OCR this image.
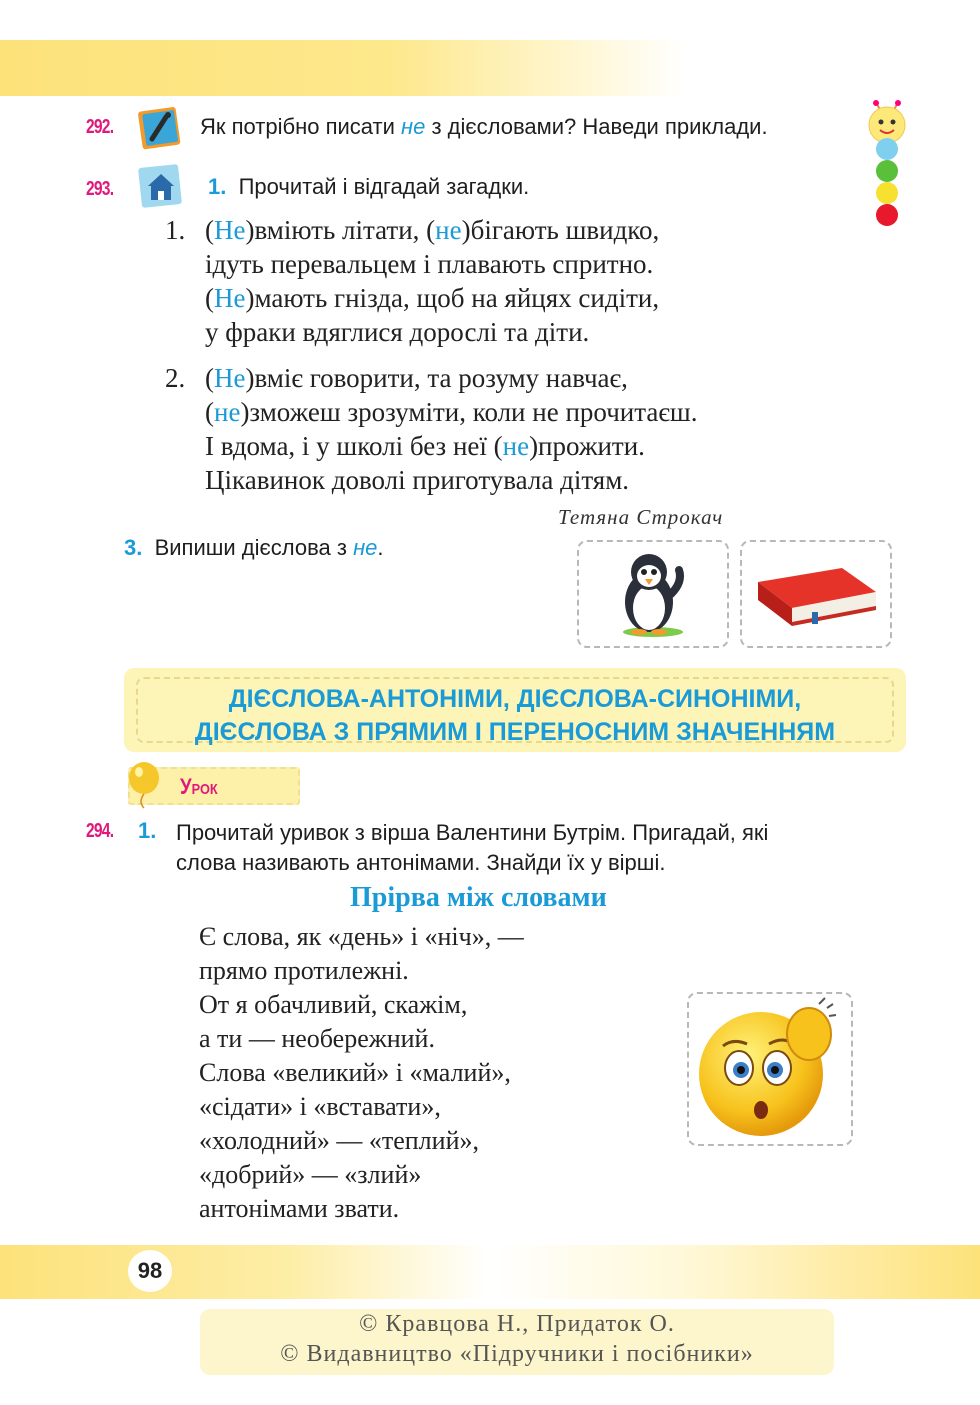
292.	Як потрібно писати не з дієсловами? Наведи приклади.
293.	1. Прочитай і відгадай загадки.
1. (Не)вміють літати, (не)бігають швидко,
ідуть перевальцем і плавають спритно.
(Не)мають гнізда, щоб на яйцях сидіти,
у фраки вдяглися дорослі та діти.
2. (Не)вміє говорити, та розуму навчає,
(не)зможеш зрозуміти, коли не прочитаєш.
І вдома, і у школі без неї (не)прожити.
Цікавинок доволі приготувала дітям.
Тетяна Строкач
3. Випиши дієслова з не.
ДІЄСЛОВА-АНТОНІМИ, ДІЄСЛОВА-СИНОНІМИ,
ДІЄСЛОВА З ПРЯМИМ І ПЕРЕНОСНИМ ЗНАЧЕННЯМ
Урок
294. 1. Прочитай уривок з вірша Валентини Бутрім. Пригадай, які
слова називають антонімами. Знайди їх у вірші.
Прірва між словами
Є слова, як «день» і «ніч», —
прямо протилежні.
От я обачливий, скажім,
а ти — необережний.
Слова «великий» і «малий»,
«сідати» і «вставати»,
«холодний» — «теплий»,
«добрий» — «злий»
антонімами звати.
98
© Кравцова Н., Придаток О.
© Видавництво «Підручники і посібники»
